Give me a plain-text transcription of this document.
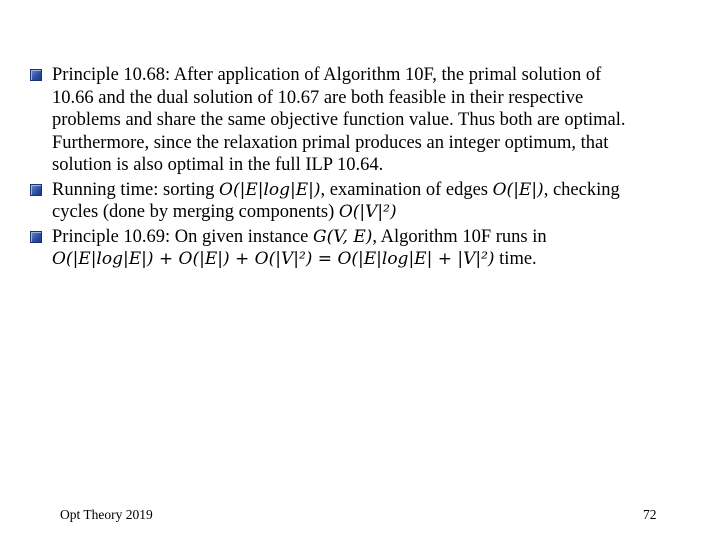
Principle 10.68: After application of Algorithm 10F, the primal solution of
10.66 and the dual solution of 10.67 are both feasible in their respective
problems and share the same objective function value. Thus both are optimal.
Furthermore, since the relaxation primal produces an integer optimum, that
solution is also optimal in the full ILP 10.64.
Running time: sorting O(|E|log|E|), examination of edges O(|E|), checking
cycles (done by merging components) O(|V|²)
Principle 10.69: On given instance G(V, E), Algorithm 10F runs in
O(|E|log|E|) + O(|E|) + O(|V|²) = O(|E|log|E| + |V|²) time.
Opt Theory 2019	72
